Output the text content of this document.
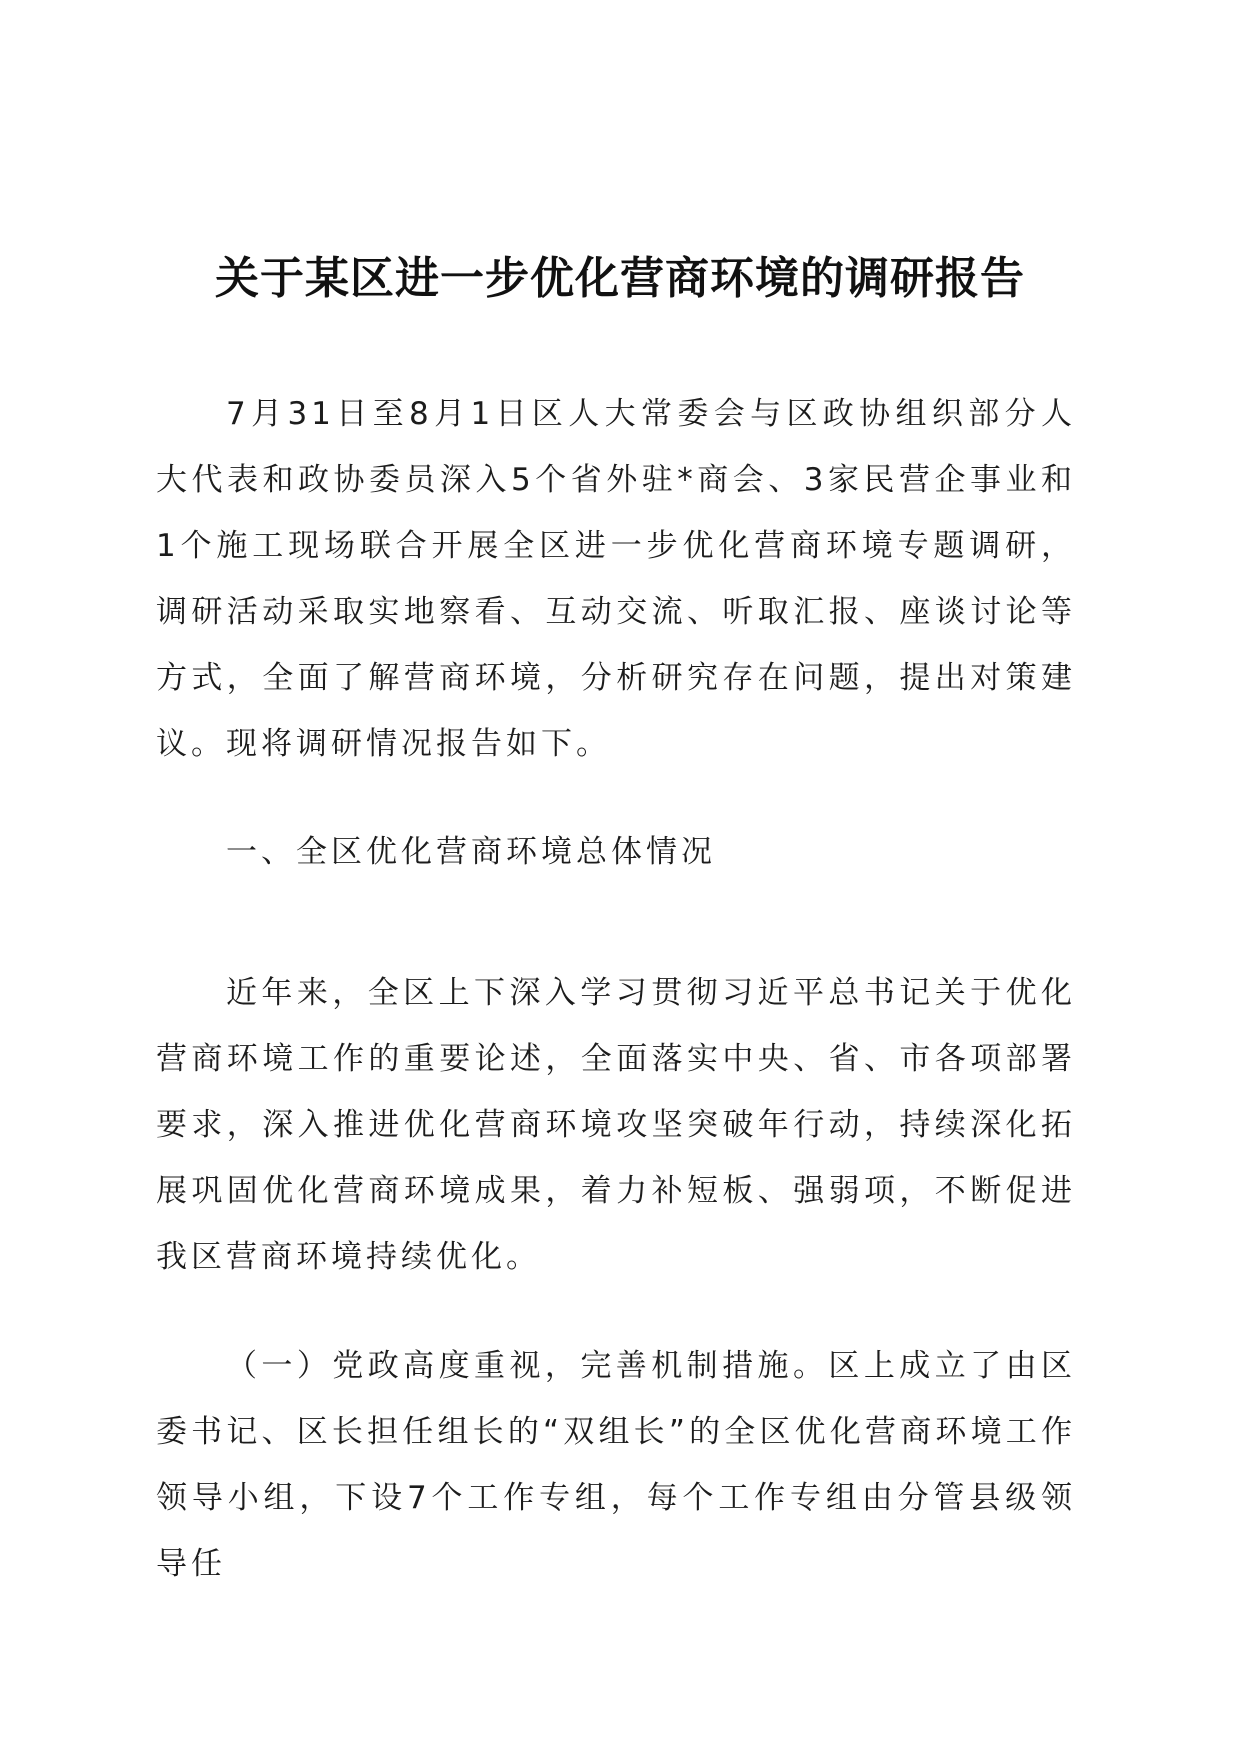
关于某区进一步优化营商环境的调研报告

7月31日至8月1日区人大常委会与区政协组织部分人大代表和政协委员深入5个省外驻*商会、3家民营企事业和1个施工现场联合开展全区进一步优化营商环境专题调研，调研活动采取实地察看、互动交流、听取汇报、座谈讨论等方式，全面了解营商环境，分析研究存在问题，提出对策建议。现将调研情况报告如下。

一、全区优化营商环境总体情况

近年来，全区上下深入学习贯彻习近平总书记关于优化营商环境工作的重要论述，全面落实中央、省、市各项部署要求，深入推进优化营商环境攻坚突破年行动，持续深化拓展巩固优化营商环境成果，着力补短板、强弱项，不断促进我区营商环境持续优化。

（一）党政高度重视，完善机制措施。区上成立了由区委书记、区长担任组长的“双组长”的全区优化营商环境工作领导小组，下设7个工作专组，每个工作专组由分管县级领导任
